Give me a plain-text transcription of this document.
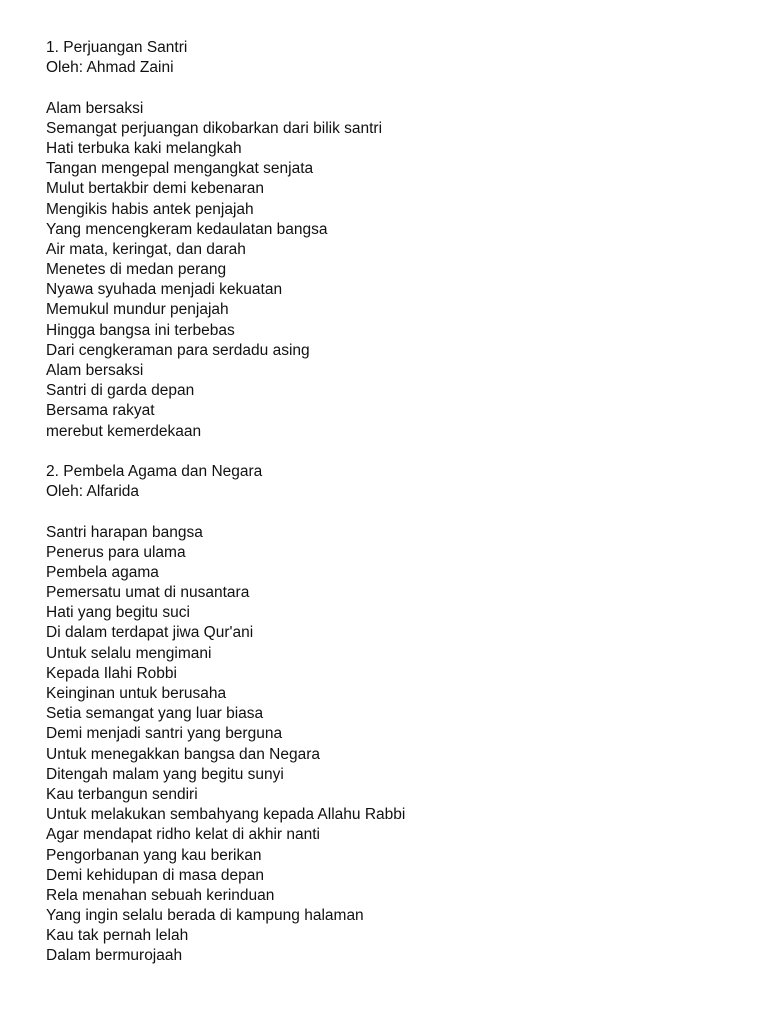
1. Perjuangan Santri
Oleh: Ahmad Zaini
Alam bersaksi
Semangat perjuangan dikobarkan dari bilik santri
Hati terbuka kaki melangkah
Tangan mengepal mengangkat senjata
Mulut bertakbir demi kebenaran
Mengikis habis antek penjajah
Yang mencengkeram kedaulatan bangsa
Air mata, keringat, dan darah
Menetes di medan perang
Nyawa syuhada menjadi kekuatan
Memukul mundur penjajah
Hingga bangsa ini terbebas
Dari cengkeraman para serdadu asing
Alam bersaksi
Santri di garda depan
Bersama rakyat
merebut kemerdekaan
2. Pembela Agama dan Negara
Oleh: Alfarida
Santri harapan bangsa
Penerus para ulama
Pembela agama
Pemersatu umat di nusantara
Hati yang begitu suci
Di dalam terdapat jiwa Qur'ani
Untuk selalu mengimani
Kepada Ilahi Robbi
Keinginan untuk berusaha
Setia semangat yang luar biasa
Demi menjadi santri yang berguna
Untuk menegakkan bangsa dan Negara
Ditengah malam yang begitu sunyi
Kau terbangun sendiri
Untuk melakukan sembahyang kepada Allahu Rabbi
Agar mendapat ridho kelat di akhir nanti
Pengorbanan yang kau berikan
Demi kehidupan di masa depan
Rela menahan sebuah kerinduan
Yang ingin selalu berada di kampung halaman
Kau tak pernah lelah
Dalam bermurojaah
